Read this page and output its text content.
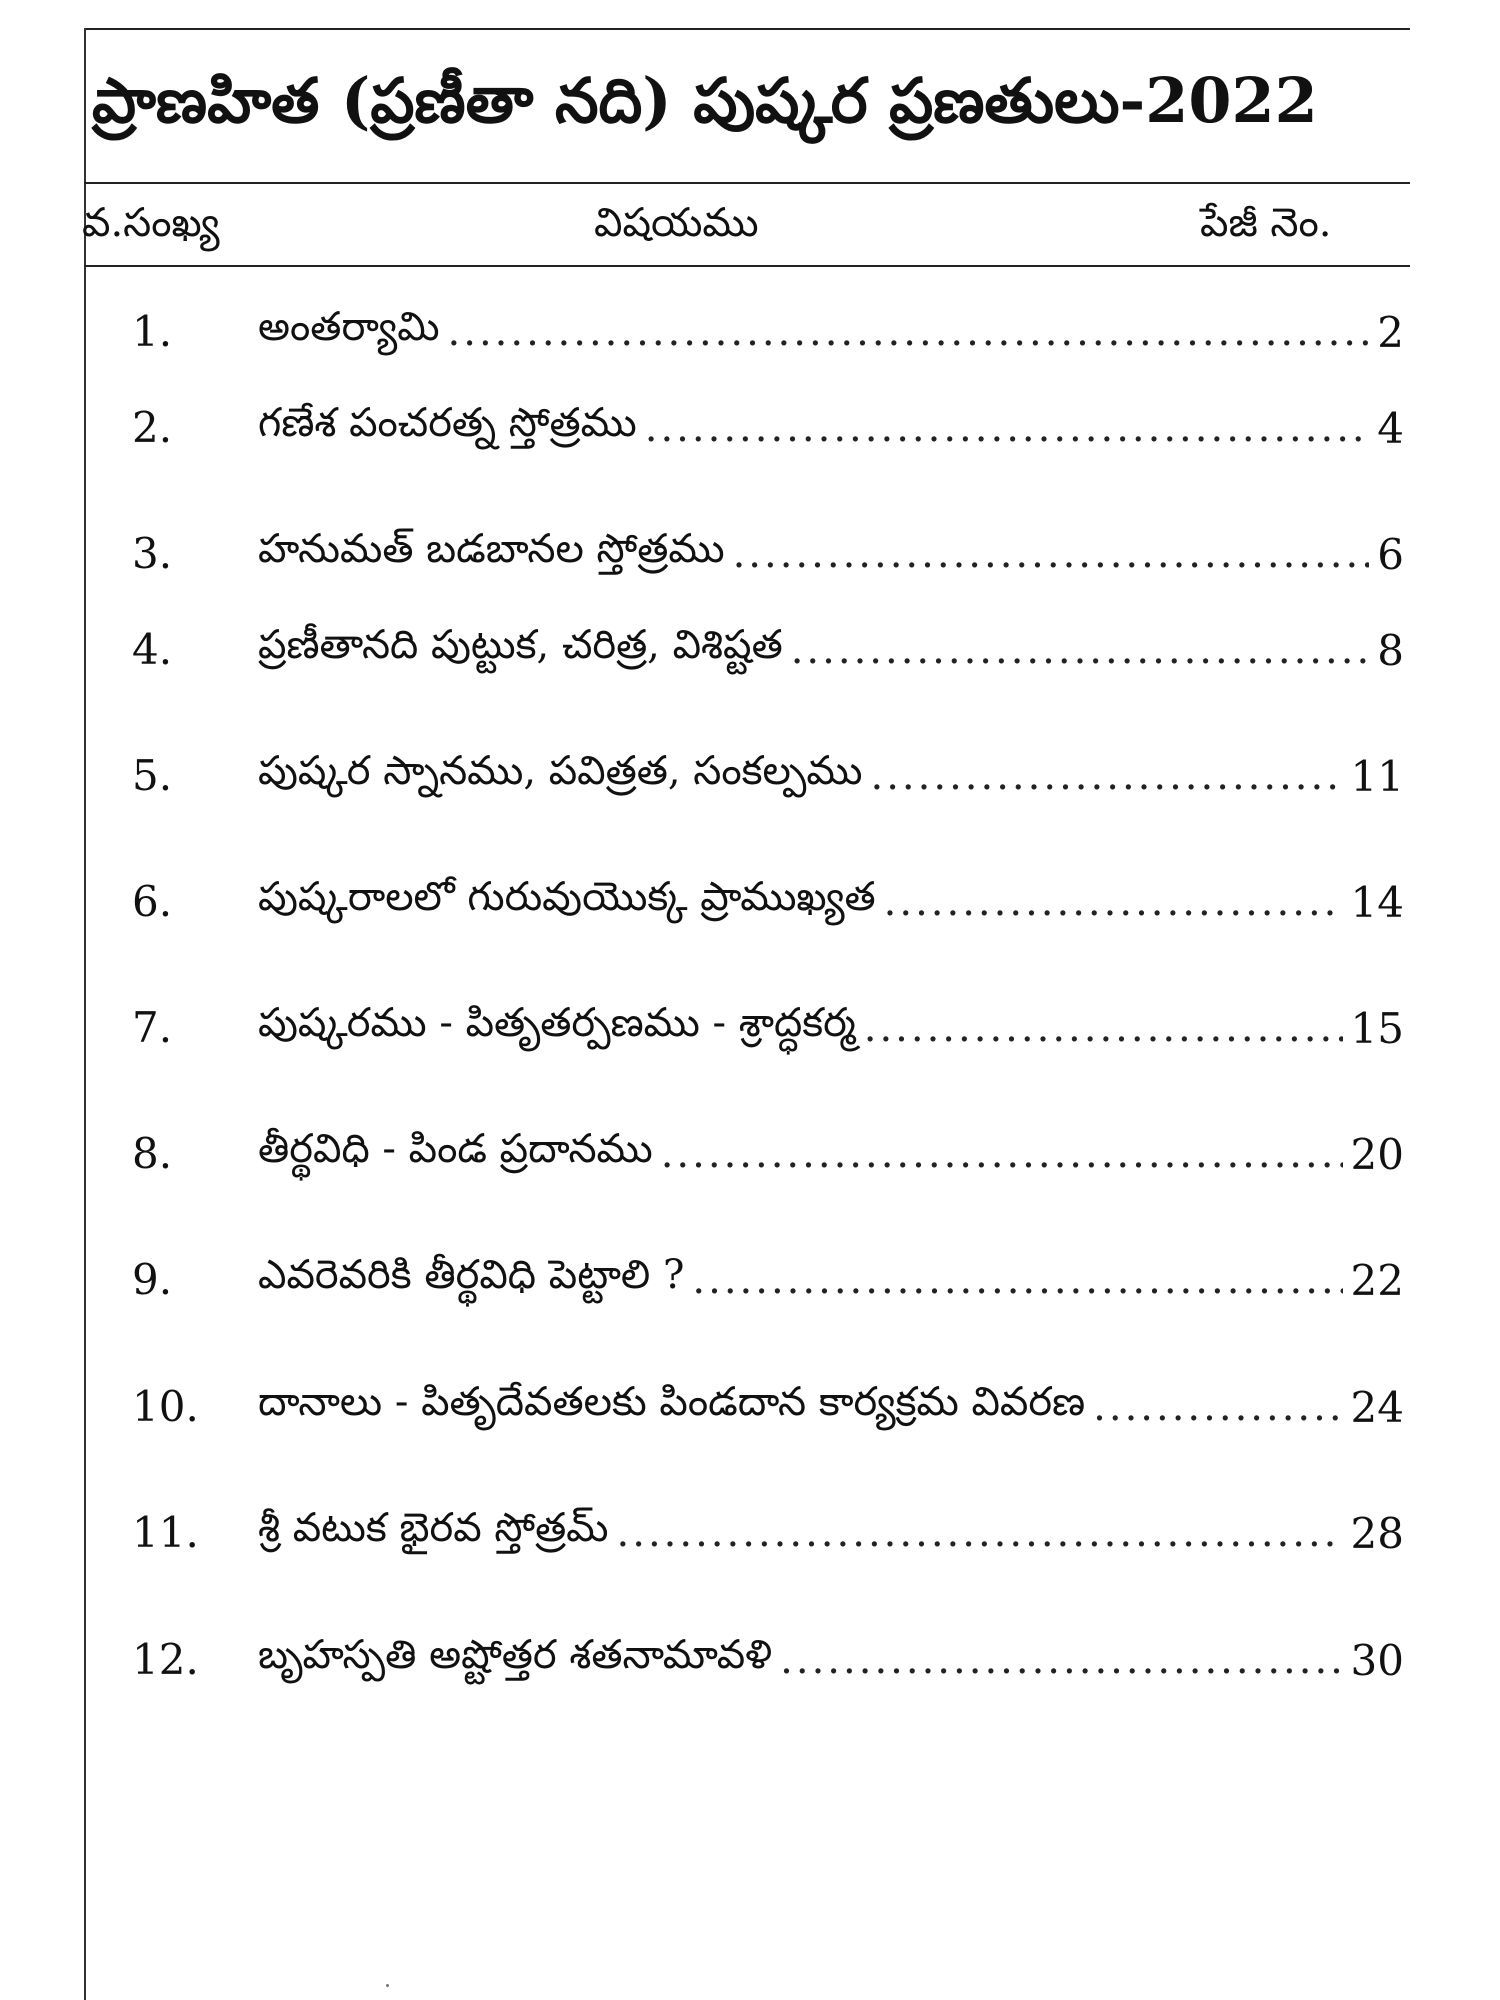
ప్రాణహిత (ప్రణీతా నది) పుష్కర ప్రణతులు-2022
వ.సంఖ్య	విషయము	పేజీ నెం.
1.	అంతర్యామి .....	2
2.	గణేశ పంచరత్న స్తోత్రము .....	4
3.	హనుమత్ బడబానల స్తోత్రము .....	6
4.	ప్రణీతానది పుట్టుక, చరిత్ర, విశిష్టత .....	8
5.	పుష్కర స్నానము, పవిత్రత, సంకల్పము .....	11
6.	పుష్కరాలలో గురువుయొక్క ప్రాముఖ్యత .....	14
7.	పుష్కరము - పితృతర్పణము - శ్రాద్ధకర్మ .....	15
8.	తీర్థవిధి - పిండ ప్రదానము .....	20
9.	ఎవరెవరికి తీర్థవిధి పెట్టాలి ? .....	22
10. దానాలు - పితృదేవతలకు పిండదాన కార్యక్రమ వివరణ .....	24
11. శ్రీ వటుక భైరవ స్తోత్రమ్ .....	28
12. బృహస్పతి అష్టోత్తర శతనామావళి .....	30
